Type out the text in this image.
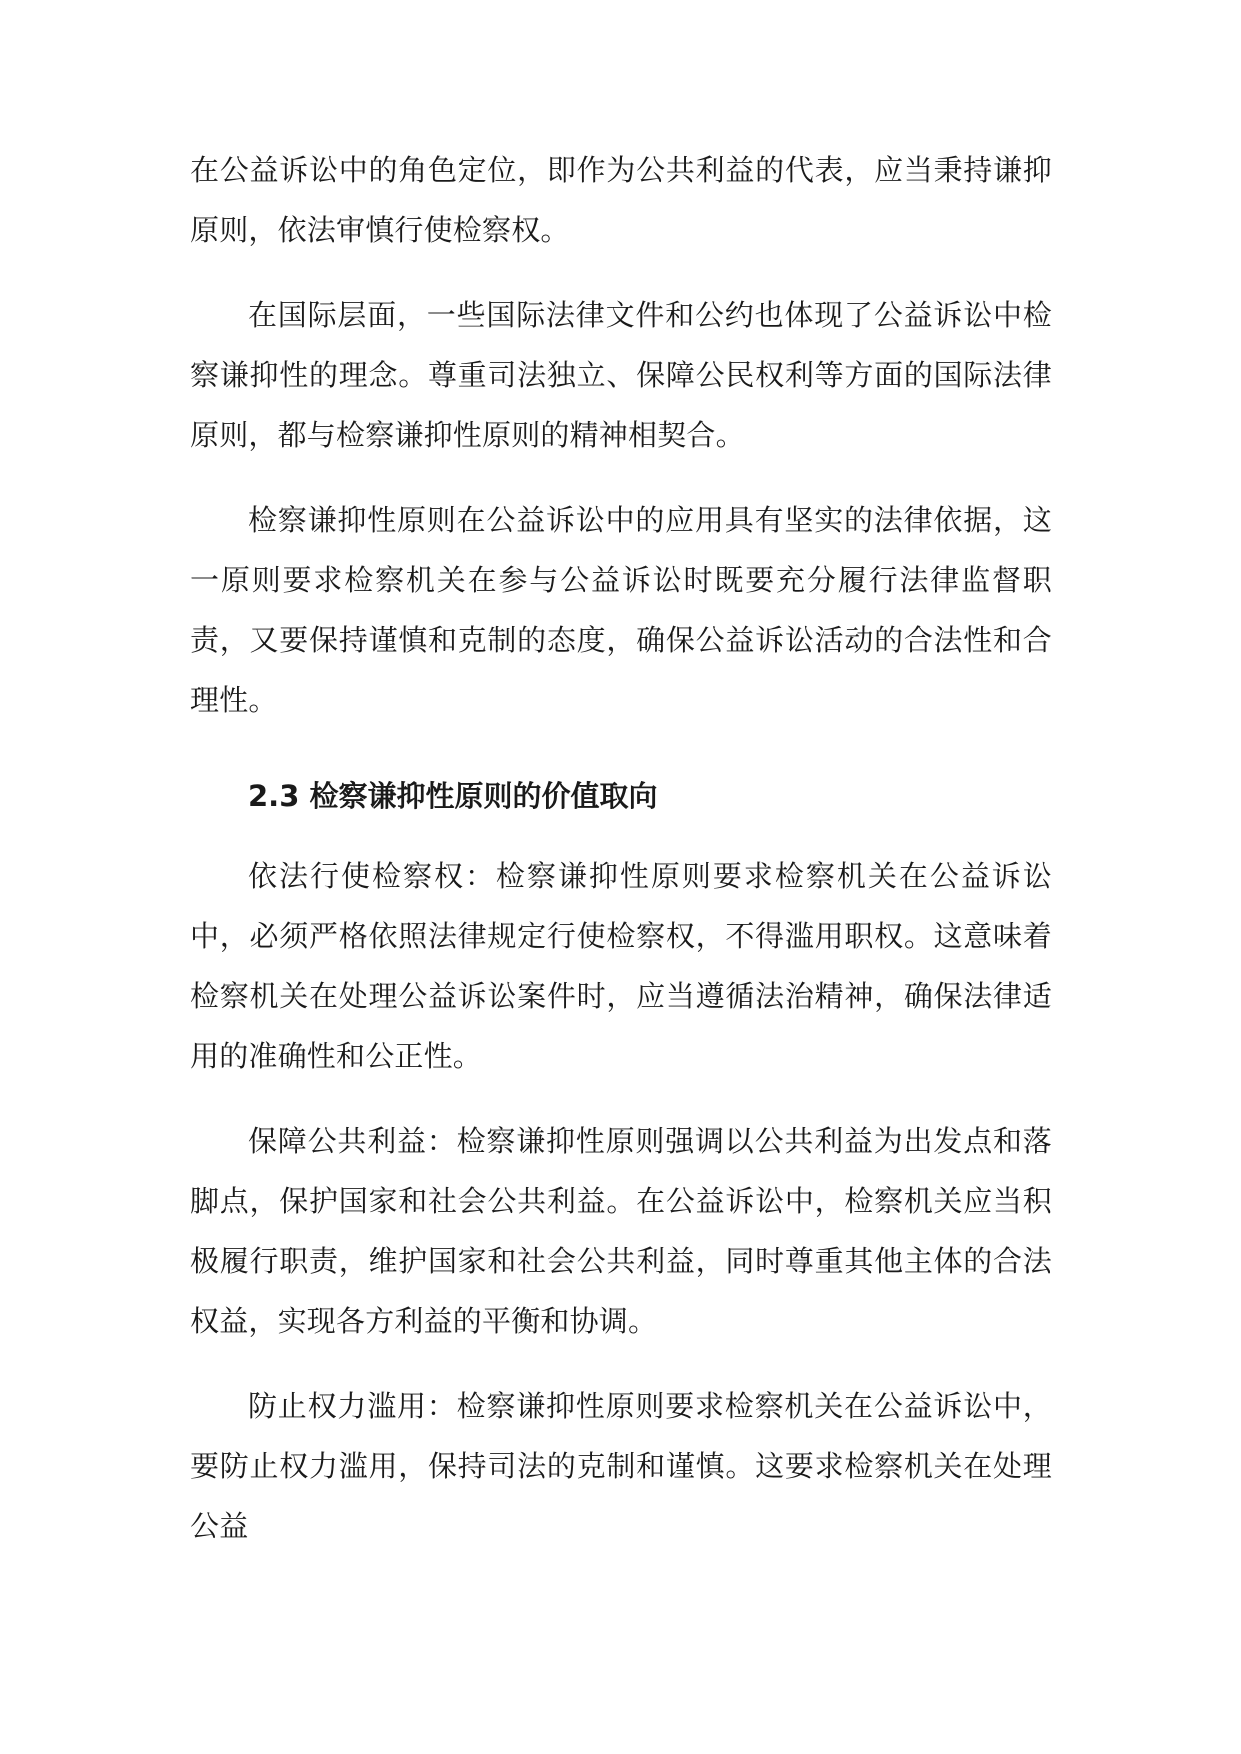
在公益诉讼中的角色定位，即作为公共利益的代表，应当秉持谦抑原则，依法审慎行使检察权。

在国际层面，一些国际法律文件和公约也体现了公益诉讼中检察谦抑性的理念。尊重司法独立、保障公民权利等方面的国际法律原则，都与检察谦抑性原则的精神相契合。

检察谦抑性原则在公益诉讼中的应用具有坚实的法律依据，这一原则要求检察机关在参与公益诉讼时既要充分履行法律监督职责，又要保持谨慎和克制的态度，确保公益诉讼活动的合法性和合理性。

2.3 检察谦抑性原则的价值取向

依法行使检察权：检察谦抑性原则要求检察机关在公益诉讼中，必须严格依照法律规定行使检察权，不得滥用职权。这意味着检察机关在处理公益诉讼案件时，应当遵循法治精神，确保法律适用的准确性和公正性。

保障公共利益：检察谦抑性原则强调以公共利益为出发点和落脚点，保护国家和社会公共利益。在公益诉讼中，检察机关应当积极履行职责，维护国家和社会公共利益，同时尊重其他主体的合法权益，实现各方利益的平衡和协调。

防止权力滥用：检察谦抑性原则要求检察机关在公益诉讼中，要防止权力滥用，保持司法的克制和谨慎。这要求检察机关在处理公益
